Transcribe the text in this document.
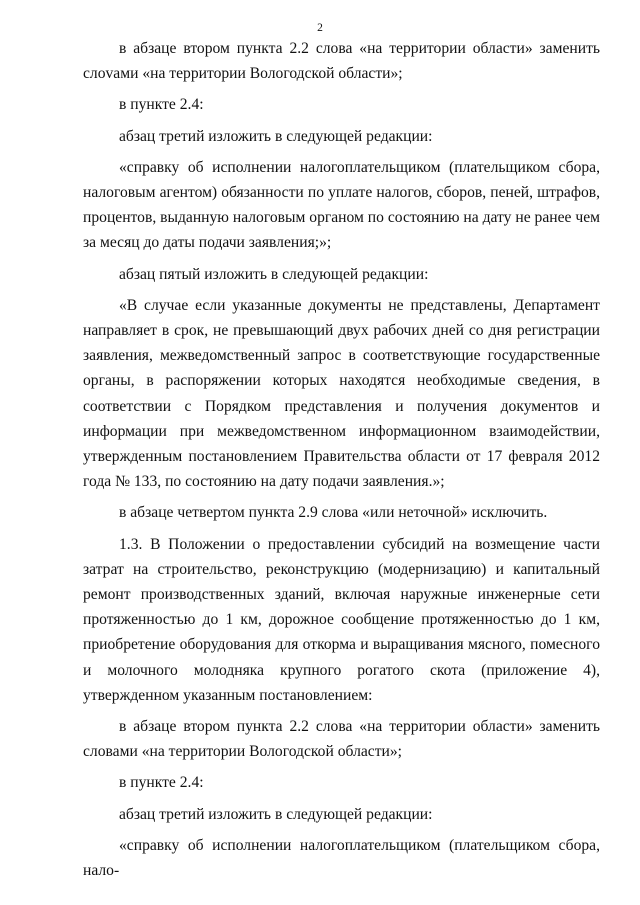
2

в абзаце втором пункта 2.2 слова «на территории области» заменить слоvами «на территории Вологодской области»;

в пункте 2.4:

абзац третий изложить в следующей редакции:

«справку об исполнении налогоплательщиком (плательщиком сбора, налоговым агентом) обязанности по уплате налогов, сборов, пеней, штрафов, процентов, выданную налоговым органом по состоянию на дату не ранее чем за месяц до даты подачи заявления;»;

абзац пятый изложить в следующей редакции:

«В случае если указанные документы не представлены, Департамент направляет в срок, не превышающий двух рабочих дней со дня регистрации заявления, межведомственный запрос в соответствующие государственные органы, в распоряжении которых находятся необходимые сведения, в соответствии с Порядком представления и получения документов и информации при межведомственном информационном взаимодействии, утвержденным постановлением Правительства области от 17 февраля 2012 года № 133, по состоянию на дату подачи заявления.»;

в абзаце четвертом пункта 2.9 слова «или неточной» исключить.

1.3. В Положении о предоставлении субсидий на возмещение части затрат на строительство, реконструкцию (модернизацию) и капитальный ремонт производственных зданий, включая наружные инженерные сети протяженностью до 1 км, дорожное сообщение протяженностью до 1 км, приобретение оборудования для откорма и выращивания мясного, помесного и молочного молодняка крупного рогатого скота (приложение 4), утвержденном указанным постановлением:

в абзаце втором пункта 2.2 слова «на территории области» заменить словами «на территории Вологодской области»;

в пункте 2.4:

абзац третий изложить в следующей редакции:

«справку об исполнении налогоплательщиком (плательщиком сбора, нало-
